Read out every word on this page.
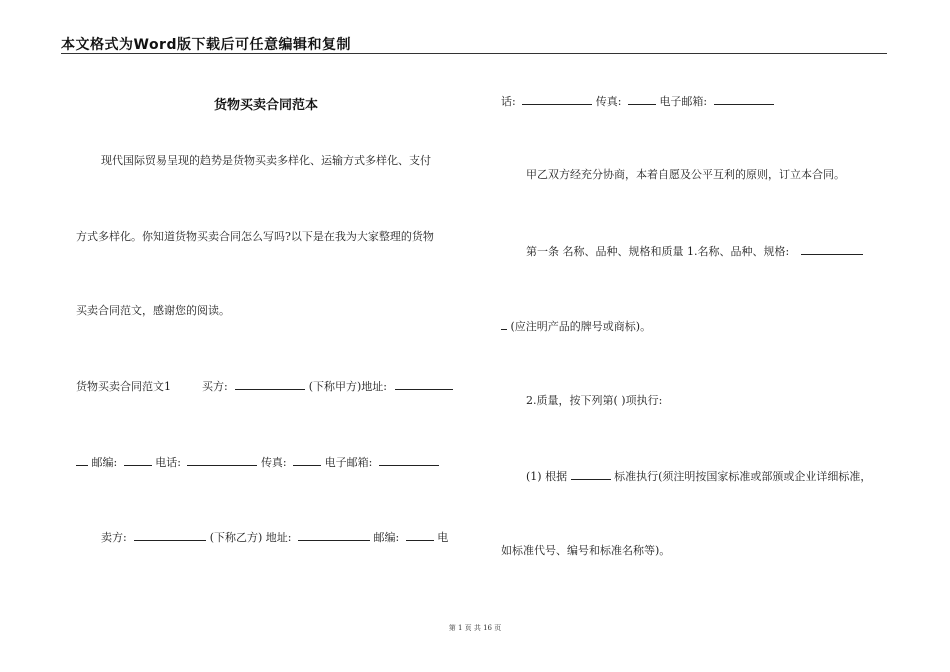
本文格式为Word版下载后可任意编辑和复制
货物买卖合同范本
现代国际贸易呈现的趋势是货物买卖多样化、运输方式多样化、支付
方式多样化。你知道货物买卖合同怎么写吗?以下是在我为大家整理的货物
买卖合同范文，感谢您的阅读。
货物买卖合同范文1	买方:	(下称甲方)地址:
邮编:	电话:	传真:	电子邮箱:
卖方:	(下称乙方) 地址:	邮编:	电
话:	传真:	电子邮箱:
甲乙双方经充分协商，本着自愿及公平互利的原则，订立本合同。
第一条 名称、品种、规格和质量 1.名称、品种、规格:
(应注明产品的牌号或商标)。
2.质量，按下列第( )项执行:
(1) 根据	标准执行(须注明按国家标准或部颁或企业详细标准，
如标准代号、编号和标准名称等)。
第 1 页 共 16 页
